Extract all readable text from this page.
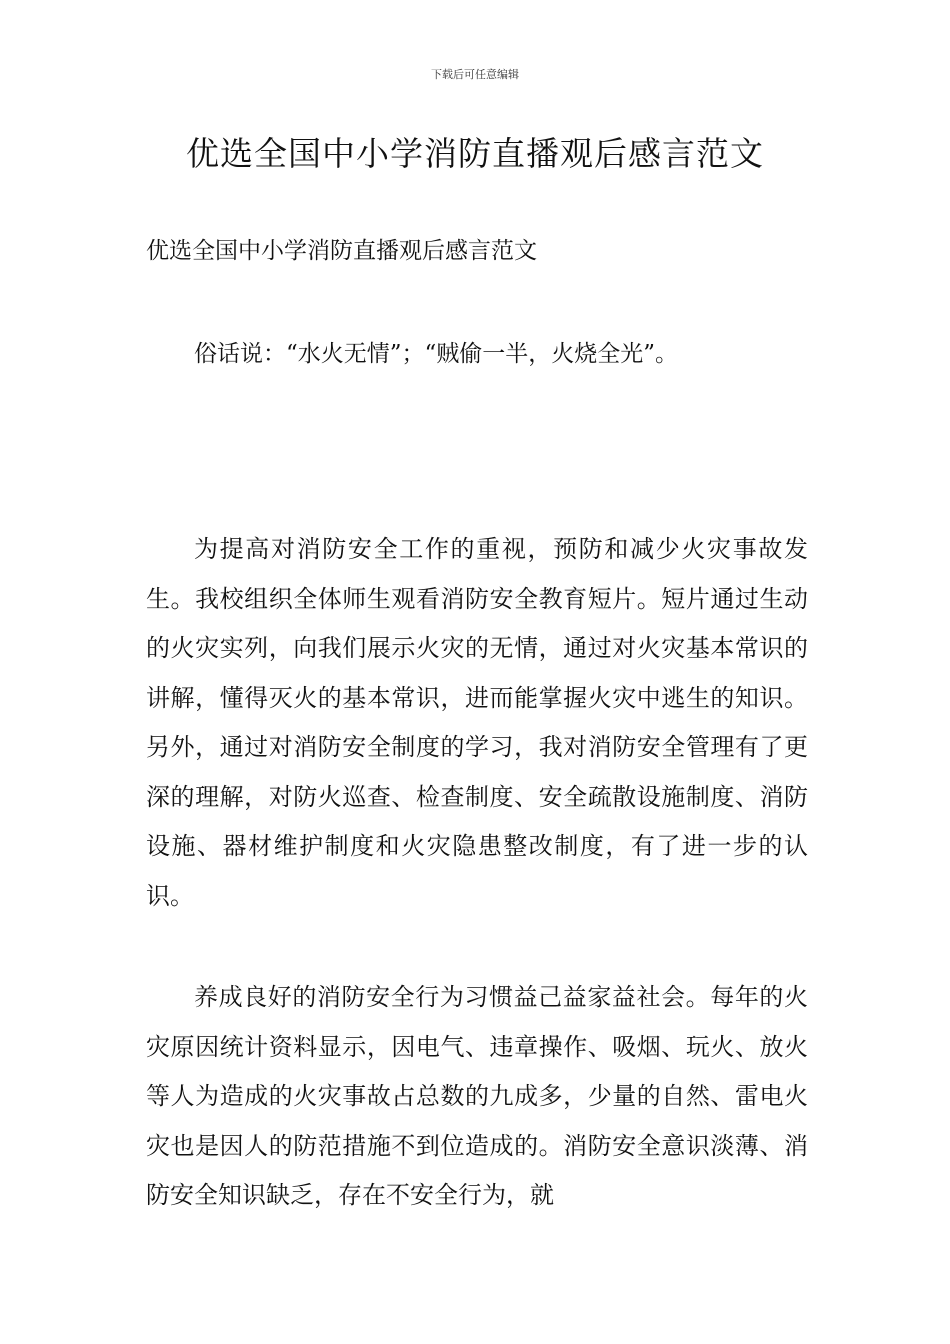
下载后可任意编辑
优选全国中小学消防直播观后感言范文

优选全国中小学消防直播观后感言范文

俗话说：“水火无情”；“贼偷一半，火烧全光”。

为提高对消防安全工作的重视，预防和减少火灾事故发生。我校组织全体师生观看消防安全教育短片。短片通过生动的火灾实列，向我们展示火灾的无情，通过对火灾基本常识的讲解，懂得灭火的基本常识，进而能掌握火灾中逃生的知识。另外，通过对消防安全制度的学习，我对消防安全管理有了更深的理解，对防火巡查、检查制度、安全疏散设施制度、消防设施、器材维护制度和火灾隐患整改制度，有了进一步的认识。

养成良好的消防安全行为习惯益己益家益社会。每年的火灾原因统计资料显示，因电气、违章操作、吸烟、玩火、放火等人为造成的火灾事故占总数的九成多，少量的自然、雷电火灾也是因人的防范措施不到位造成的。消防安全意识淡薄、消防安全知识缺乏，存在不安全行为，就
